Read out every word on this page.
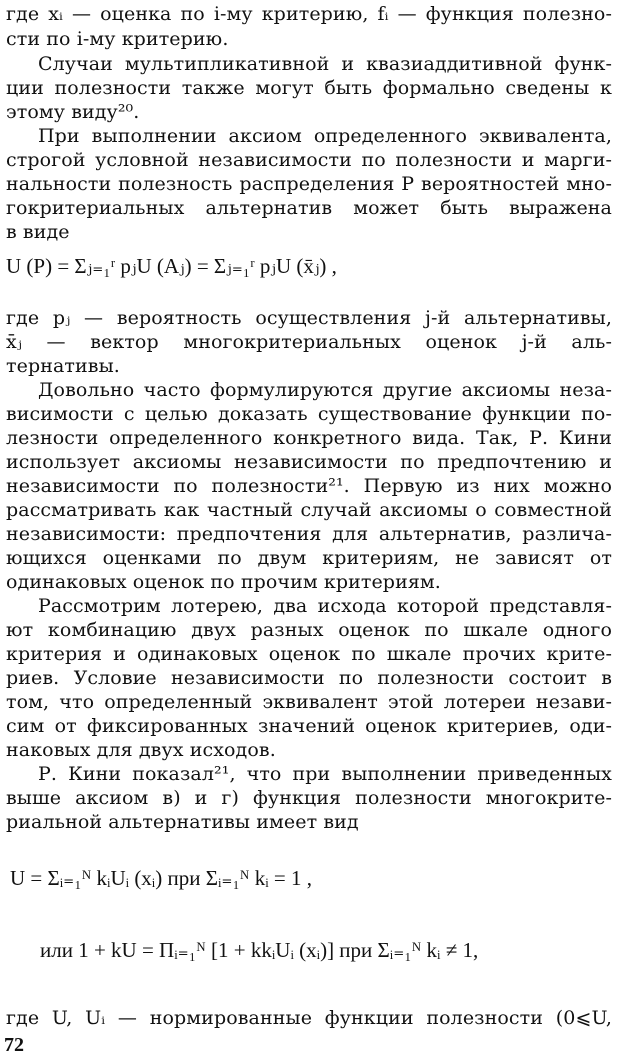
где xᵢ — оценка по i-му критерию, fᵢ — функция полезно-
сти по i-му критерию.
Случаи мультипликативной и квазиаддитивной функ-
ции полезности также могут быть формально сведены к
этому виду²⁰.
При выполнении аксиом определенного эквивалента,
строгой условной независимости по полезности и марги-
нальности полезность распределения P вероятностей мно-
гокритериальных альтернатив может быть выражена
в виде
U (P) = Σⱼ₌₁ʳ pⱼU (Aⱼ) = Σⱼ₌₁ʳ pⱼU (x̄ⱼ) ,
где pⱼ — вероятность осуществления j-й альтернативы,
x̄ⱼ — вектор многокритериальных оценок j-й аль-
тернативы.
Довольно часто формулируются другие аксиомы неза-
висимости с целью доказать существование функции по-
лезности определенного конкретного вида. Так, Р. Кини
использует аксиомы независимости по предпочтению и
независимости по полезности²¹. Первую из них можно
рассматривать как частный случай аксиомы о совместной
независимости: предпочтения для альтернатив, различа-
ющихся оценками по двум критериям, не зависят от
одинаковых оценок по прочим критериям.
Рассмотрим лотерею, два исхода которой представля-
ют комбинацию двух разных оценок по шкале одного
критерия и одинаковых оценок по шкале прочих крите-
риев. Условие независимости по полезности состоит в
том, что определенный эквивалент этой лотереи незави-
сим от фиксированных значений оценок критериев, оди-
наковых для двух исходов.
Р. Кини показал²¹, что при выполнении приведенных
выше аксиом в) и г) функция полезности многокрите-
риальной альтернативы имеет вид
U = Σᵢ₌₁ᴺ kᵢUᵢ (xᵢ) при Σᵢ₌₁ᴺ kᵢ = 1 ,
или 1 + kU = Πᵢ₌₁ᴺ [1 + kkᵢUᵢ (xᵢ)] при Σᵢ₌₁ᴺ kᵢ ≠ 1,
где U, Uᵢ — нормированные функции полезности (0⩽U,
72
